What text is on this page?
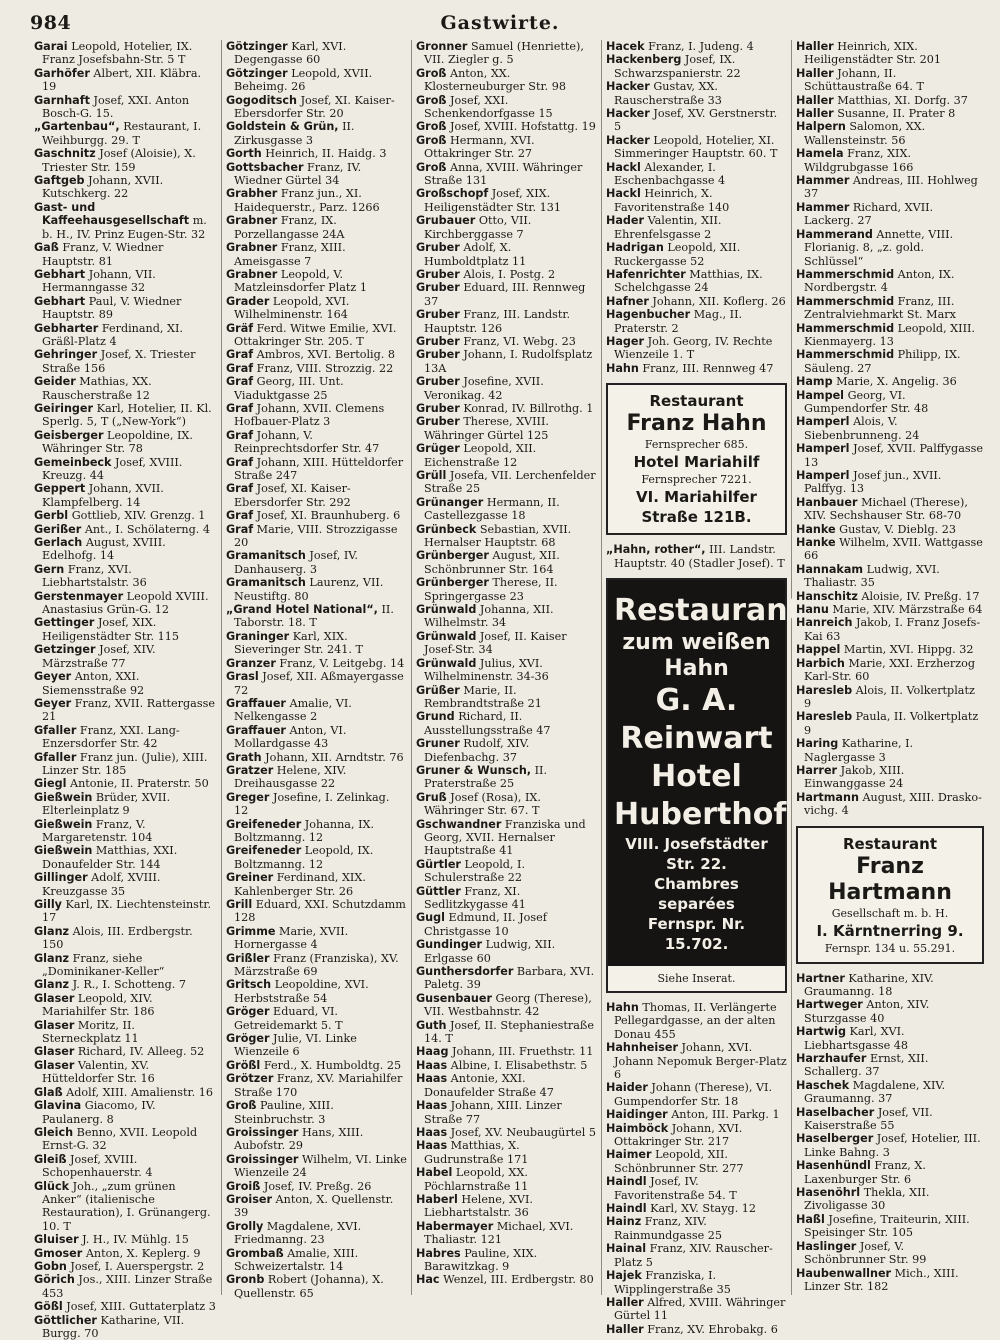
984	Gastwirte.

Garai Leopold, Hotelier, IX. Franz Josefsbahn-Str. 5 T

Garhöfer Albert, XII. Kläbra. 19

Garnhaft Josef, XXI. Anton Bosch-G. 15.

„Gartenbau“, Restaurant, I. Weihburgg. 29. T

Gaschnitz Josef (Aloisie), X. Triester Str. 159

Gaftgeb Johann, XVII. Kutschkerg. 22

Gast- und Kaffeehausgesellschaft m. b. H., IV. Prinz Eugen-Str. 32

Gaß Franz, V. Wiedner Hauptstr. 81

Gebhart Johann, VII. Hermanngasse 32

Gebhart Paul, V. Wiedner Hauptstr. 89

Gebharter Ferdinand, XI. Gräßl-Platz 4

Gehringer Josef, X. Triester Straße 156

Geider Mathias, XX. Rauscherstraße 12

Geiringer Karl, Hotelier, II. Kl. Sperlg. 5, T („New-York“)

Geisberger Leopoldine, IX. Währinger Str. 78

Gemeinbeck Josef, XVIII. Kreuzg. 44

Geppert Johann, XVII. Klampfelberg. 14

Gerbl Gottlieb, XIV. Grenzg. 1

Gerißer Ant., I. Schölaterng. 4

Gerlach August, XVIII. Edelhofg. 14

Gern Franz, XVI. Liebhartstalstr. 36

Gerstenmayer Leopold XVIII. Anastasius Grün-G. 12

Gettinger Josef, XIX. Heiligenstädter Str. 115

Getzinger Josef, XIV. Märzstraße 77

Geyer Anton, XXI. Siemensstraße 92

Geyer Franz, XVII. Rattergasse 21

Gfaller Franz, XXI. Lang-Enzersdorfer Str. 42

Gfaller Franz jun. (Julie), XIII. Linzer Str. 185

Giegl Antonie, II. Praterstr. 50

Gießwein Brüder, XVII. Elterleinplatz 9

Gießwein Franz, V. Margaretenstr. 104

Gießwein Matthias, XXI. Donaufelder Str. 144

Gillinger Adolf, XVIII. Kreuzgasse 35

Gilly Karl, IX. Liechtensteinstr. 17

Glanz Alois, III. Erdbergstr. 150

Glanz Franz, siehe „Dominikaner-Keller“

Glanz J. R., I. Schotteng. 7

Glaser Leopold, XIV. Mariahilfer Str. 186

Glaser Moritz, II. Sterneckplatz 11

Glaser Richard, IV. Alleeg. 52

Glaser Valentin, XV. Hütteldorfer Str. 16

Glaß Adolf, XIII. Amalienstr. 16

Glavina Giacomo, IV. Paulanerg. 8

Gleich Benno, XVII. Leopold Ernst-G. 32

Gleiß Josef, XVIII. Schopenhauerstr. 4

Glück Joh., „zum grünen Anker“ (italienische Restauration), I. Grünangerg. 10. T

Gluiser J. H., IV. Mühlg. 15

Gmoser Anton, X. Keplerg. 9

Gobn Josef, I. Auerspergstr. 2

Görich Jos., XIII. Linzer Straße 453

Gößl Josef, XIII. Guttaterplatz 3

Göttlicher Katharine, VII. Burgg. 70

Götzinger Karl, XVI. Degengasse 60

Götzinger Leopold, XVII. Beheimg. 26

Gogoditsch Josef, XI. Kaiser-Ebersdorfer Str. 20

Goldstein & Grün, II. Zirkusgasse 3

Gorth Heinrich, II. Haidg. 3

Gottsbacher Franz, IV. Wiedner Gürtel 34

Grabher Franz jun., XI. Haidequerstr., Parz. 1266

Grabner Franz, IX. Porzellangasse 24A

Grabner Franz, XIII. Ameisgasse 7

Grabner Leopold, V. Matzleinsdorfer Platz 1

Grader Leopold, XVI. Wilhelminenstr. 164

Gräf Ferd. Witwe Emilie, XVI. Ottakringer Str. 205. T

Graf Ambros, XVI. Bertolig. 8

Graf Franz, VIII. Strozzig. 22

Graf Georg, III. Unt. Viaduktgasse 25

Graf Johann, XVII. Clemens Hofbauer-Platz 3

Graf Johann, V. Reinprechtsdorfer Str. 47

Graf Johann, XIII. Hütteldorfer Straße 247

Graf Josef, XI. Kaiser-Ebersdorfer Str. 292

Graf Josef, XI. Braunhuberg. 6

Graf Marie, VIII. Strozzigasse 20

Gramanitsch Josef, IV. Danhauserg. 3

Gramanitsch Laurenz, VII. Neustiftg. 80

„Grand Hotel National“, II. Taborstr. 18. T

Graninger Karl, XIX. Sieveringer Str. 241. T

Granzer Franz, V. Leitgebg. 14

Grasl Josef, XII. Aßmayergasse 72

Graffauer Amalie, VI. Nelkengasse 2

Graffauer Anton, VI. Mollardgasse 43

Grath Johann, XII. Arndtstr. 76

Gratzer Helene, XIV. Dreihausgasse 22

Greger Josefine, I. Zelinkag. 12

Greifeneder Johanna, IX. Boltzmanng. 12

Greifeneder Leopold, IX. Boltzmanng. 12

Greiner Ferdinand, XIX. Kahlenberger Str. 26

Grill Eduard, XXI. Schutzdamm 128

Grimme Marie, XVII. Hornergasse 4

Grißler Franz (Franziska), XV. Märzstraße 69

Gritsch Leopoldine, XVI. Herbststraße 54

Gröger Eduard, VI. Getreidemarkt 5. T

Gröger Julie, VI. Linke Wienzeile 6

Größl Ferd., X. Humboldtg. 25

Grötzer Franz, XV. Mariahilfer Straße 170

Groß Pauline, XIII. Steinbruchstr. 3

Groissinger Hans, XIII. Aubofstr. 29

Groissinger Wilhelm, VI. Linke Wienzeile 24

Groiß Josef, IV. Preßg. 26

Groiser Anton, X. Quellenstr. 39

Grolly Magdalene, XVI. Friedmanng. 23

Grombaß Amalie, XIII. Schweizertalstr. 14

Gronb Robert (Johanna), X. Quellenstr. 65

Gronner Samuel (Henriette), VII. Ziegler g. 5

Groß Anton, XX. Klosterneuburger Str. 98

Groß Josef, XXI. Schenkendorfgasse 15

Groß Josef, XVIII. Hofstattg. 19

Groß Hermann, XVI. Ottakringer Str. 27

Groß Anna, XVIII. Währinger Straße 131

Großschopf Josef, XIX. Heiligenstädter Str. 131

Grubauer Otto, VII. Kirchberggasse 7

Gruber Adolf, X. Humboldtplatz 11

Gruber Alois, I. Postg. 2

Gruber Eduard, III. Rennweg 37

Gruber Franz, III. Landstr. Hauptstr. 126

Gruber Franz, VI. Webg. 23

Gruber Johann, I. Rudolfsplatz 13A

Gruber Josefine, XVII. Veronikag. 42

Gruber Konrad, IV. Billrothg. 1

Gruber Therese, XVIII. Währinger Gürtel 125

Grüger Leopold, XII. Eichenstraße 12

Grüll Josefa, VII. Lerchenfelder Straße 25

Grünanger Hermann, II. Castellezgasse 18

Grünbeck Sebastian, XVII. Hernalser Hauptstr. 68

Grünberger August, XII. Schönbrunner Str. 164

Grünberger Therese, II. Springergasse 23

Grünwald Johanna, XII. Wilhelmstr. 34

Grünwald Josef, II. Kaiser Josef-Str. 34

Grünwald Julius, XVI. Wilhelminenstr. 34-36

Grüßer Marie, II. Rembrandtstraße 21

Grund Richard, II. Ausstellungsstraße 47

Gruner Rudolf, XIV. Diefenbachg. 37

Gruner & Wunsch, II. Praterstraße 25

Gruß Josef (Rosa), IX. Währinger Str. 67. T

Gschwandner Franziska und Georg, XVII. Hernalser Hauptstraße 41

Gürtler Leopold, I. Schulerstraße 22

Güttler Franz, XI. Sedlitzkygasse 41

Gugl Edmund, II. Josef Christgasse 10

Gundinger Ludwig, XII. Erlgasse 60

Gunthersdorfer Barbara, XVI. Paletg. 39

Gusenbauer Georg (Therese), VII. Westbahnstr. 42

Guth Josef, II. Stephaniestraße 14. T

Haag Johann, III. Fruethstr. 11

Haas Albine, I. Elisabethstr. 5

Haas Antonie, XXI. Donaufelder Straße 47

Haas Johann, XIII. Linzer Straße 77

Haas Josef, XV. Neubaugürtel 5

Haas Matthias, X. Gudrunstraße 171

Habel Leopold, XX. Pöchlarnstraße 11

Haberl Helene, XVI. Liebhartstalstr. 36

Habermayer Michael, XVI. Thaliastr. 121

Habres Pauline, XIX. Barawitzkag. 9

Hac Wenzel, III. Erdbergstr. 80

Hacek Franz, I. Judeng. 4

Hackenberg Josef, IX. Schwarzspanierstr. 22

Hacker Gustav, XX. Rauscherstraße 33

Hacker Josef, XV. Gerstnerstr. 5

Hacker Leopold, Hotelier, XI. Simmeringer Hauptstr. 60. T

Hackl Alexander, I. Eschenbachgasse 4

Hackl Heinrich, X. Favoritenstraße 140

Hader Valentin, XII. Ehrenfelsgasse 2

Hadrigan Leopold, XII. Ruckergasse 52

Hafenrichter Matthias, IX. Schelchgasse 24

Hafner Johann, XII. Koflerg. 26

Hagenbucher Mag., II. Praterstr. 2

Hager Joh. Georg, IV. Rechte Wienzeile 1. T

Hahn Franz, III. Rennweg 47

Restaurant
Franz Hahn
Fernsprecher 685.
Hotel Mariahilf
Fernsprecher 7221.
VI. Mariahilfer Straße 121B.

„Hahn, rother“, III. Landstr. Hauptstr. 40 (Stadler Josef). T

Restaurant
zum weißen Hahn
G. A. Reinwart
Hotel Huberthof
VIII. Josefstädter Str. 22.
Chambres separées
Fernspr. Nr. 15.702.
Siehe Inserat.

Hahn Thomas, II. Verlängerte Pellegardgasse, an der alten Donau 455

Hahnheiser Johann, XVI. Johann Nepomuk Berger-Platz 6

Haider Johann (Therese), VI. Gumpendorfer Str. 18

Haidinger Anton, III. Parkg. 1

Haimböck Johann, XVI. Ottakringer Str. 217

Haimer Leopold, XII. Schönbrunner Str. 277

Haindl Josef, IV. Favoritenstraße 54. T

Haindl Karl, XV. Stayg. 12

Hainz Franz, XIV. Rainmundgasse 25

Hainal Franz, XIV. Rauscher-Platz 5

Hajek Franziska, I. Wipplingerstraße 35

Haller Alfred, XVIII. Währinger Gürtel 11

Haller Franz, XV. Ehrobakg. 6

Haller Heinrich, XIX. Heiligenstädter Str. 201

Haller Johann, II. Schüttaustraße 64. T

Haller Matthias, XI. Dorfg. 37

Haller Susanne, II. Prater 8

Halpern Salomon, XX. Wallensteinstr. 56

Hamela Franz, XIX. Wildgrubgasse 166

Hammer Andreas, III. Hohlweg 37

Hammer Richard, XVII. Lackerg. 27

Hammerand Annette, VIII. Florianig. 8, „z. gold. Schlüssel“

Hammerschmid Anton, IX. Nordbergstr. 4

Hammerschmid Franz, III. Zentralviehmarkt St. Marx

Hammerschmid Leopold, XIII. Kienmayerg. 13

Hammerschmid Philipp, IX. Säuleng. 27

Hamp Marie, X. Angelig. 36

Hampel Georg, VI. Gumpendorfer Str. 48

Hamperl Alois, V. Siebenbrunneng. 24

Hamperl Josef, XVII. Palffygasse 13

Hamperl Josef jun., XVII. Palffyg. 13

Hanbauer Michael (Therese), XIV. Sechshauser Str. 68-70

Hanke Gustav, V. Dieblg. 23

Hanke Wilhelm, XVII. Wattgasse 66

Hannakam Ludwig, XVI. Thaliastr. 35

Hanschitz Aloisie, IV. Preßg. 17

Hanu Marie, XIV. Märzstraße 64

Hanreich Jakob, I. Franz Josefs-Kai 63

Happel Martin, XVI. Hippg. 32

Harbich Marie, XXI. Erzherzog Karl-Str. 60

Haresleb Alois, II. Volkertplatz 9

Haresleb Paula, II. Volkertplatz 9

Haring Katharine, I. Naglergasse 3

Harrer Jakob, XIII. Einwanggasse 24

Hartmann August, XIII. Draskovichg. 4

Restaurant
Franz Hartmann
Gesellschaft m. b. H.
I. Kärntnerring 9.
Fernspr. 134 u. 55.291.

Hartner Katharine, XIV. Graumanng. 18

Hartweger Anton, XIV. Sturzgasse 40

Hartwig Karl, XVI. Liebhartsgasse 48

Harzhaufer Ernst, XII. Schallerg. 37

Haschek Magdalene, XIV. Graumanng. 37

Haselbacher Josef, VII. Kaiserstraße 55

Haselberger Josef, Hotelier, III. Linke Bahng. 3

Hasenhündl Franz, X. Laxenburger Str. 6

Hasenöhrl Thekla, XII. Zivoligasse 30

Haßl Josefine, Traiteurin, XIII. Speisinger Str. 105

Haslinger Josef, V. Schönbrunner Str. 99

Haubenwallner Mich., XIII. Linzer Str. 182
